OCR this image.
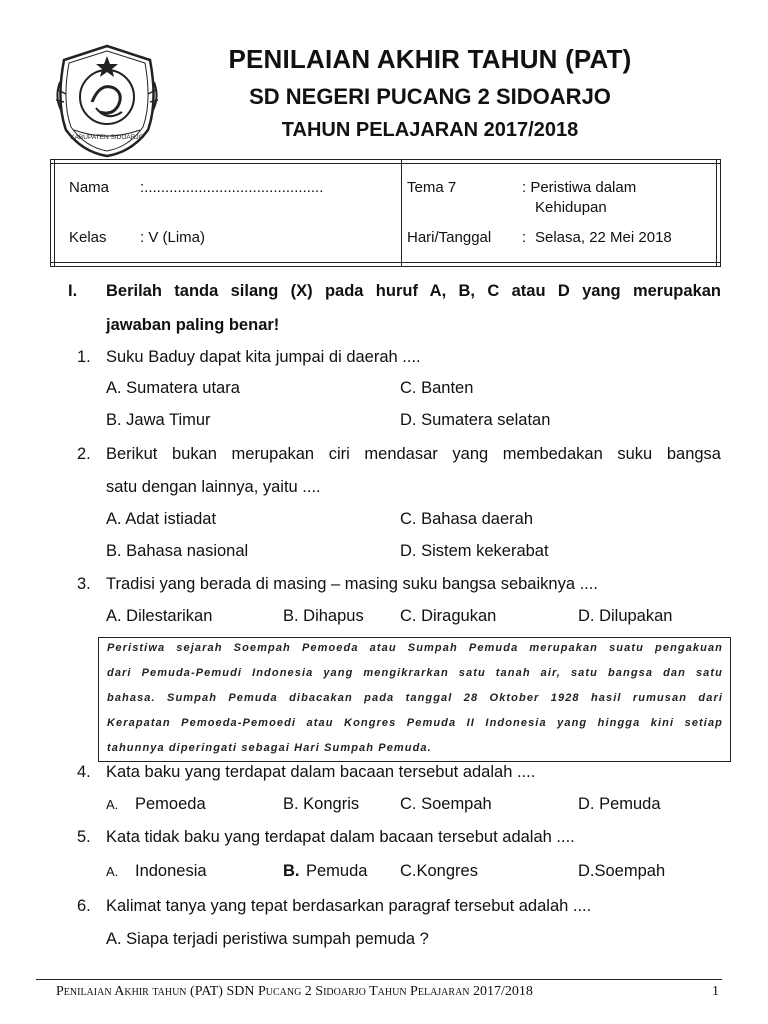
KABUPATEN SIDOARJO
PENILAIAN AKHIR TAHUN (PAT)
SD NEGERI PUCANG 2 SIDOARJO
TAHUN PELAJARAN 2017/2018
Nama :...........................................
Kelas : V (Lima)
Tema 7	: Peristiwa dalam
Kehidupan
Hari/Tanggal : Selasa, 22 Mei 2018
I. Berilah tanda silang (X) pada huruf A, B, C atau D yang merupakan
jawaban paling benar!
1. Suku Baduy dapat kita jumpai di daerah ....
A. Sumatera utara	C. Banten
B. Jawa Timur	D. Sumatera selatan
2. Berikut bukan merupakan ciri mendasar yang membedakan suku bangsa
satu dengan lainnya, yaitu ....
A. Adat istiadat	C. Bahasa daerah
B. Bahasa nasional	D. Sistem kekerabat
3. Tradisi yang berada di masing – masing suku bangsa sebaiknya ....
A. Dilestarikan	B. Dihapus C. Diragukan	D. Dilupakan
Peristiwa sejarah Soempah Pemoeda atau Sumpah Pemuda merupakan suatu pengakuan
dari Pemuda-Pemudi Indonesia yang mengikrarkan satu tanah air, satu bangsa dan satu
bahasa. Sumpah Pemuda dibacakan pada tanggal 28 Oktober 1928 hasil rumusan dari
Kerapatan Pemoeda-Pemoedi atau Kongres Pemuda II Indonesia yang hingga kini setiap
tahunnya diperingati sebagai Hari Sumpah Pemuda.
4. Kata baku yang terdapat dalam bacaan tersebut adalah ....
A. Pemoeda	B. Kongris C. Soempah	D. Pemuda
5. Kata tidak baku yang terdapat dalam bacaan tersebut adalah ....
A. Indonesia	B. Pemuda C.Kongres	D.Soempah
6. Kalimat tanya yang tepat berdasarkan paragraf tersebut adalah ....
A. Siapa terjadi peristiwa sumpah pemuda ?
Penilaian Akhir tahun (PAT) SDN Pucang 2 Sidoarjo Tahun Pelajaran 2017/2018	1
